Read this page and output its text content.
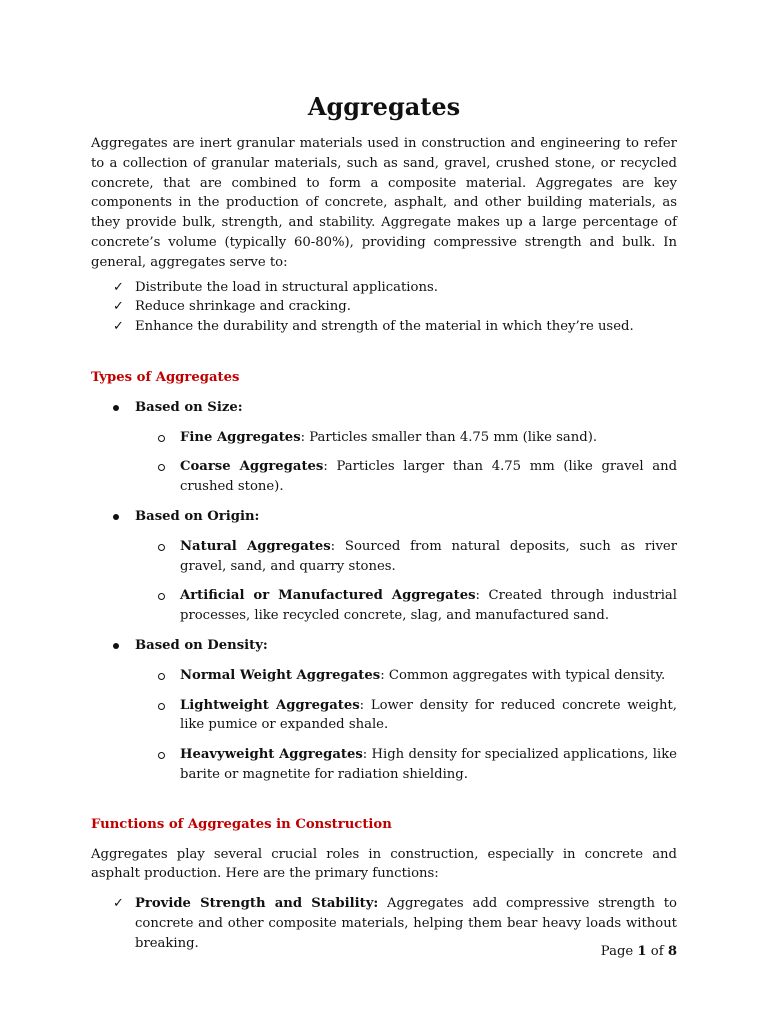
Aggregates

Aggregates are inert granular materials used in construction and engineering to refer to a collection of granular materials, such as sand, gravel, crushed stone, or recycled concrete, that are combined to form a composite material. Aggregates are key components in the production of concrete, asphalt, and other building materials, as they provide bulk, strength, and stability. Aggregate makes up a large percentage of concrete’s volume (typically 60-80%), providing compressive strength and bulk. In general, aggregates serve to:

✓ Distribute the load in structural applications.
✓ Reduce shrinkage and cracking.
✓ Enhance the durability and strength of the material in which they’re used.
Types of Aggregates
Based on Size:

Fine Aggregates: Particles smaller than 4.75 mm (like sand).

Coarse Aggregates: Particles larger than 4.75 mm (like gravel and crushed stone).

Based on Origin:

Natural Aggregates: Sourced from natural deposits, such as river gravel, sand, and quarry stones.

Artificial or Manufactured Aggregates: Created through industrial processes, like recycled concrete, slag, and manufactured sand.

Based on Density:

Normal Weight Aggregates: Common aggregates with typical density.

Lightweight Aggregates: Lower density for reduced concrete weight, like pumice or expanded shale.

Heavyweight Aggregates: High density for specialized applications, like barite or magnetite for radiation shielding.

Functions of Aggregates in Construction

Aggregates play several crucial roles in construction, especially in concrete and asphalt production. Here are the primary functions:

✓ Provide Strength and Stability: Aggregates add compressive strength to concrete and other composite materials, helping them bear heavy loads without breaking.
Page 1 of 8
